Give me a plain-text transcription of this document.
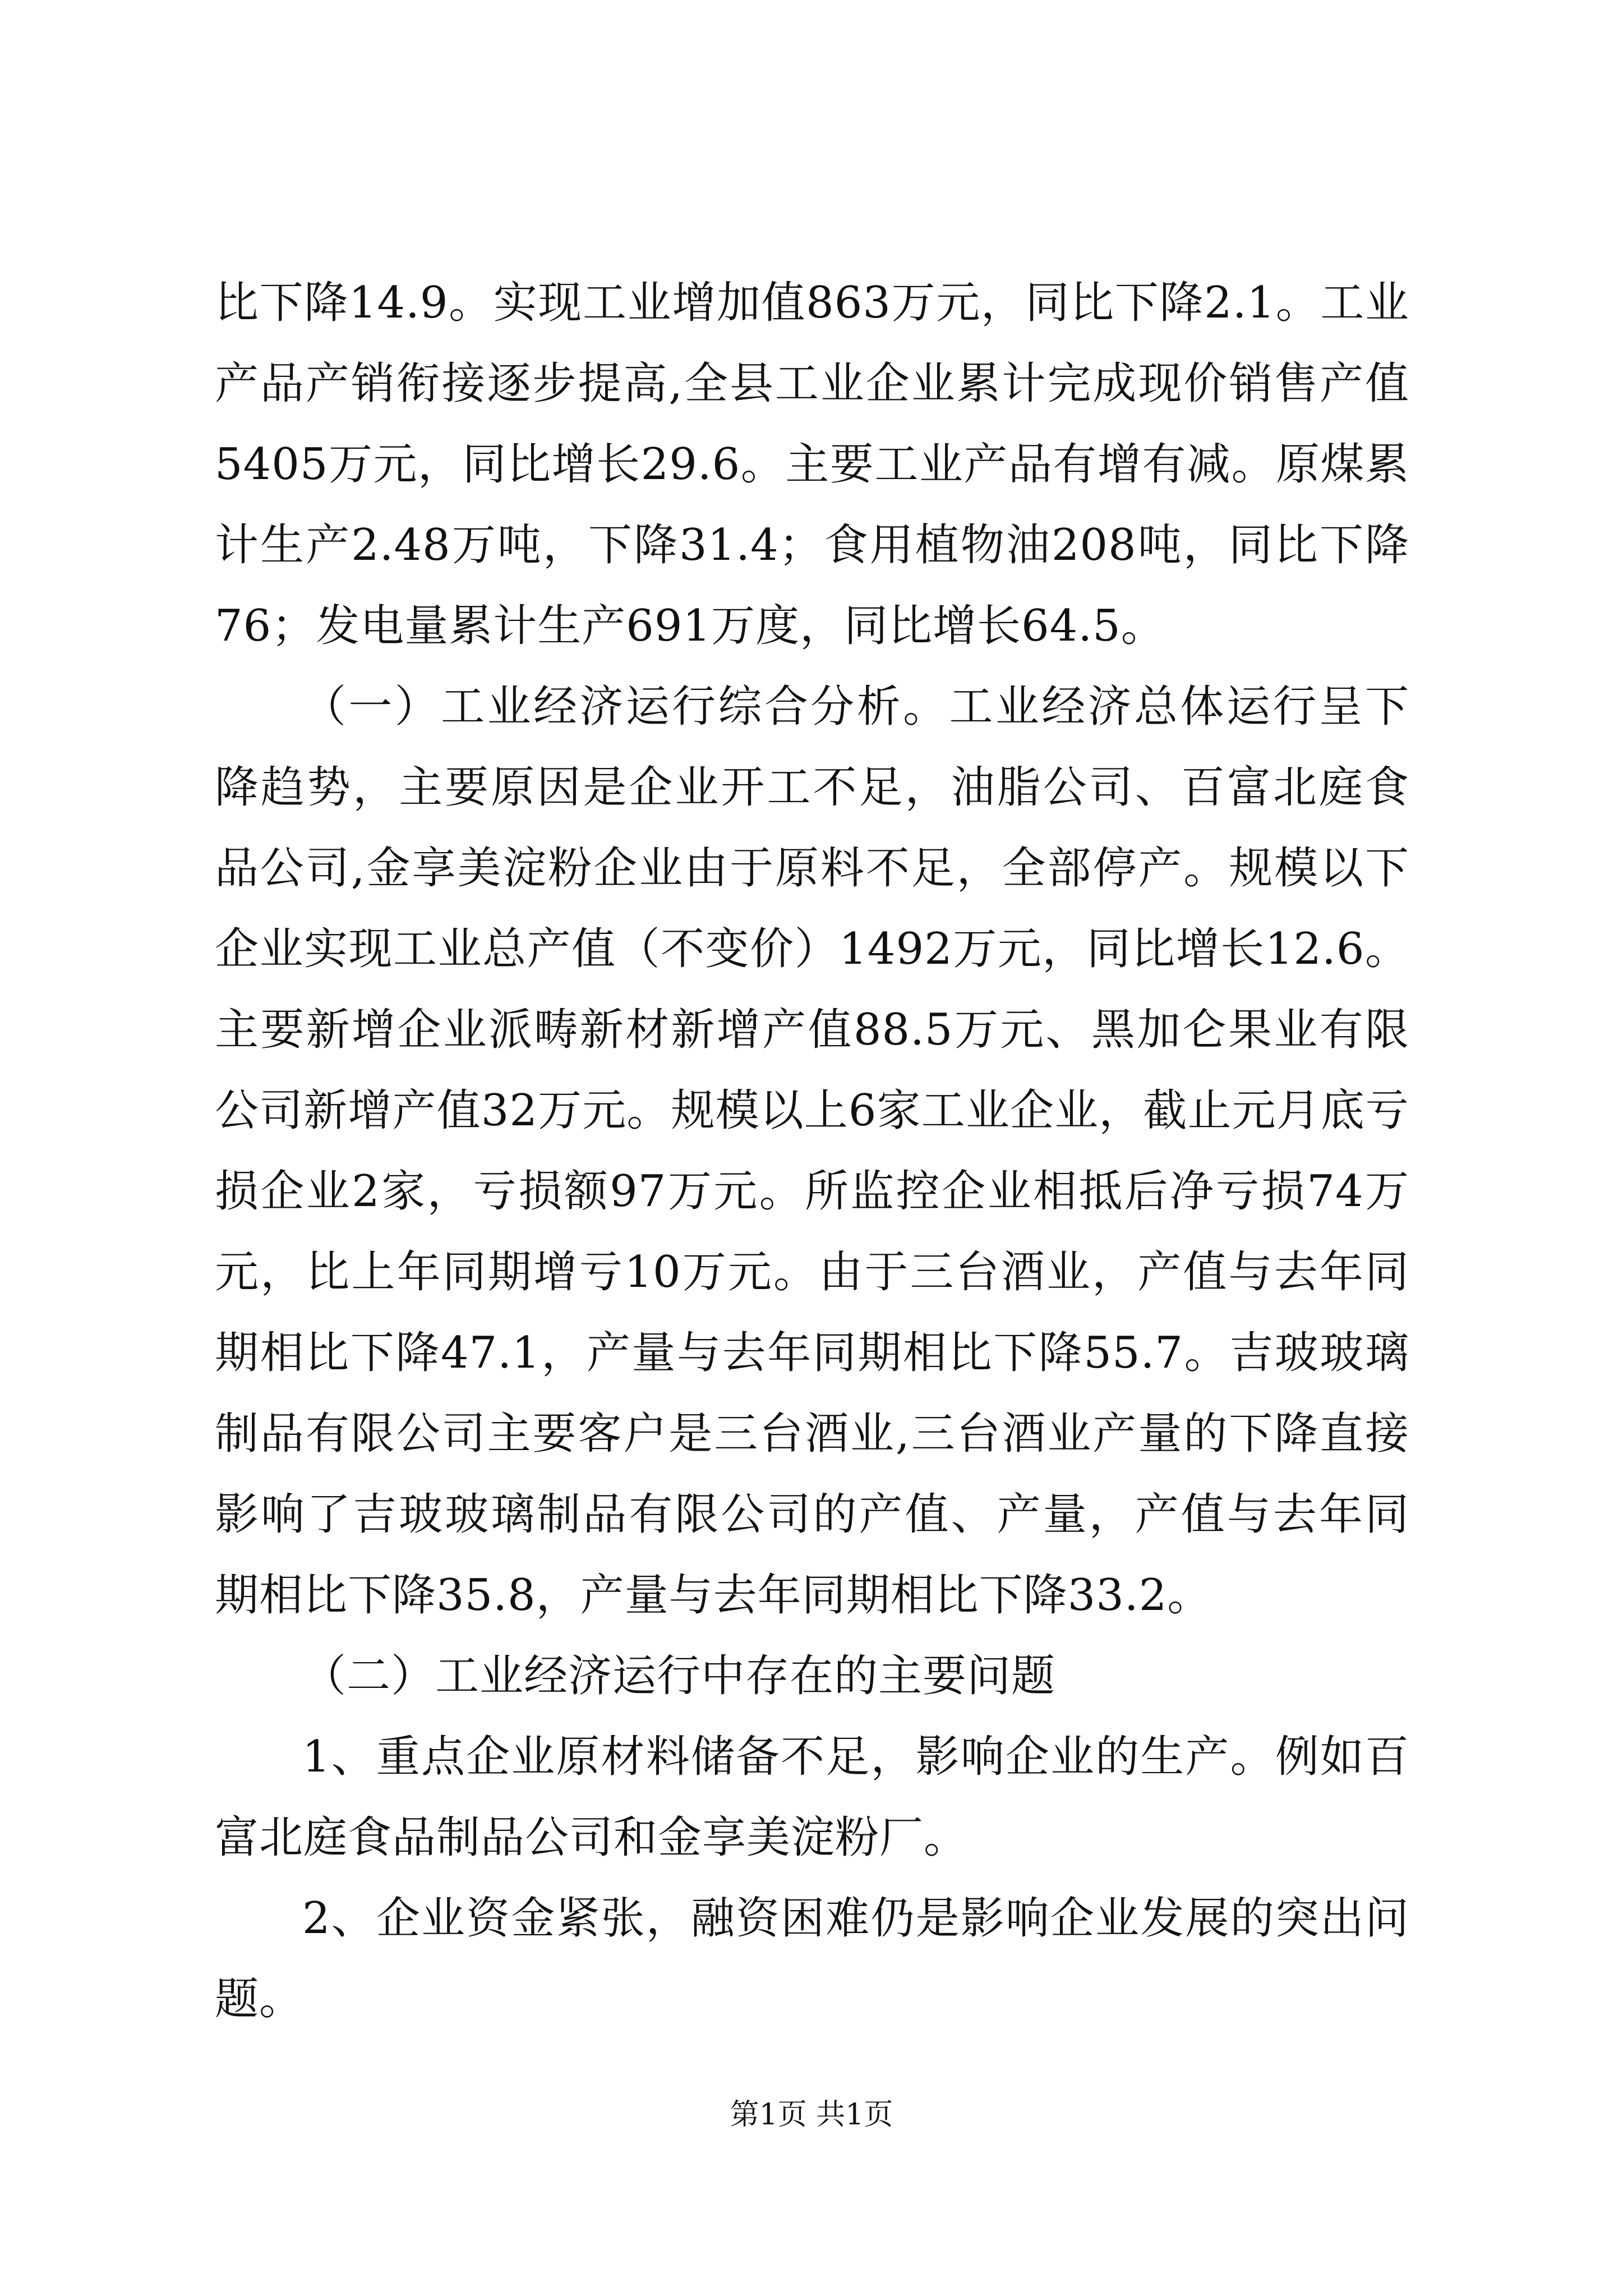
比下降14.9。实现工业增加值863万元，同比下降2.1。工业产品产销衔接逐步提高,全县工业企业累计完成现价销售产值5405万元，同比增长29.6。主要工业产品有增有减。原煤累计生产2.48万吨，下降31.4；食用植物油208吨，同比下降76；发电量累计生产691万度，同比增长64.5。

（一）工业经济运行综合分析。工业经济总体运行呈下降趋势，主要原因是企业开工不足，油脂公司、百富北庭食品公司,金享美淀粉企业由于原料不足，全部停产。规模以下企业实现工业总产值（不变价）1492万元，同比增长12.6。主要新增企业派畴新材新增产值88.5万元、黑加仑果业有限公司新增产值32万元。规模以上6家工业企业，截止元月底亏损企业2家，亏损额97万元。所监控企业相抵后净亏损74万元，比上年同期增亏10万元。由于三台酒业，产值与去年同期相比下降47.1，产量与去年同期相比下降55.7。吉玻玻璃制品有限公司主要客户是三台酒业,三台酒业产量的下降直接影响了吉玻玻璃制品有限公司的产值、产量，产值与去年同期相比下降35.8，产量与去年同期相比下降33.2。

（二）工业经济运行中存在的主要问题

1、重点企业原材料储备不足，影响企业的生产。例如百富北庭食品制品公司和金享美淀粉厂。

2、企业资金紧张，融资困难仍是影响企业发展的突出问题。

第1页 共1页
